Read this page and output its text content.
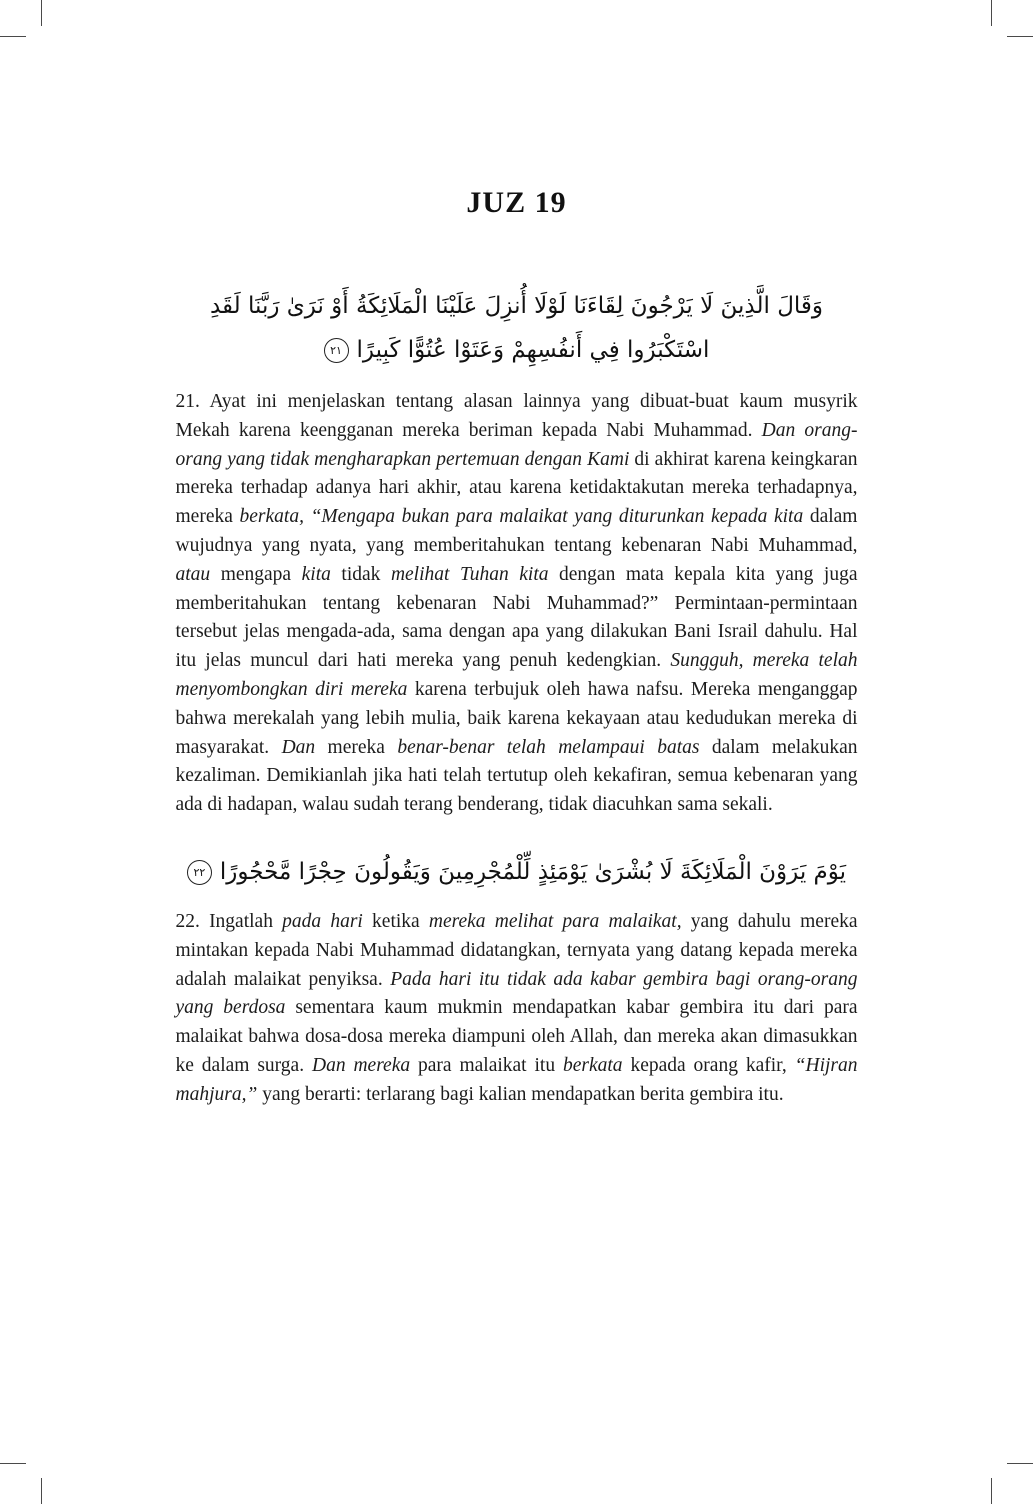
JUZ 19

وَقَالَ الَّذِينَ لَا يَرْجُونَ لِقَاءَنَا لَوْلَا أُنزِلَ عَلَيْنَا الْمَلَائِكَةُ أَوْ نَرَىٰ رَبَّنَا لَقَدِ اسْتَكْبَرُوا فِي أَنفُسِهِمْ وَعَتَوْا عُتُوًّا كَبِيرًا٢١

21. Ayat ini menjelaskan tentang alasan lainnya yang dibuat-buat kaum musyrik Mekah karena keengganan mereka beriman kepada Nabi Muhammad. Dan orang-orang yang tidak mengharapkan pertemuan dengan Kami di akhirat karena keingkaran mereka terhadap adanya hari akhir, atau karena ketidaktakutan mereka terhadapnya, mereka berkata, “Mengapa bukan para malaikat yang diturunkan kepada kita dalam wujudnya yang nyata, yang memberitahukan tentang kebenaran Nabi Muhammad, atau mengapa kita tidak melihat Tuhan kita dengan mata kepala kita yang juga memberitahukan tentang kebenaran Nabi Muhammad?” Permintaan-permintaan tersebut jelas mengada-ada, sama dengan apa yang dilakukan Bani Israil dahulu. Hal itu jelas muncul dari hati mereka yang penuh kedengkian. Sungguh, mereka telah menyombongkan diri mereka karena terbujuk oleh hawa nafsu. Mereka menganggap bahwa merekalah yang lebih mulia, baik karena kekayaan atau kedudukan mereka di masyarakat. Dan mereka benar-benar telah melampaui batas dalam melakukan kezaliman. Demikianlah jika hati telah tertutup oleh kekafiran, semua kebenaran yang ada di hadapan, walau sudah terang benderang, tidak diacuhkan sama sekali.

يَوْمَ يَرَوْنَ الْمَلَائِكَةَ لَا بُشْرَىٰ يَوْمَئِذٍ لِّلْمُجْرِمِينَ وَيَقُولُونَ حِجْرًا مَّحْجُورًا٢٢

22. Ingatlah pada hari ketika mereka melihat para malaikat, yang dahulu mereka mintakan kepada Nabi Muhammad didatangkan, ternyata yang datang kepada mereka adalah malaikat penyiksa. Pada hari itu tidak ada kabar gembira bagi orang-orang yang berdosa sementara kaum mukmin mendapatkan kabar gembira itu dari para malaikat bahwa dosa-dosa mereka diampuni oleh Allah, dan mereka akan dimasukkan ke dalam surga. Dan mereka para malaikat itu berkata kepada orang kafir, “Hijran mahjura,” yang berarti: terlarang bagi kalian mendapatkan berita gembira itu.
